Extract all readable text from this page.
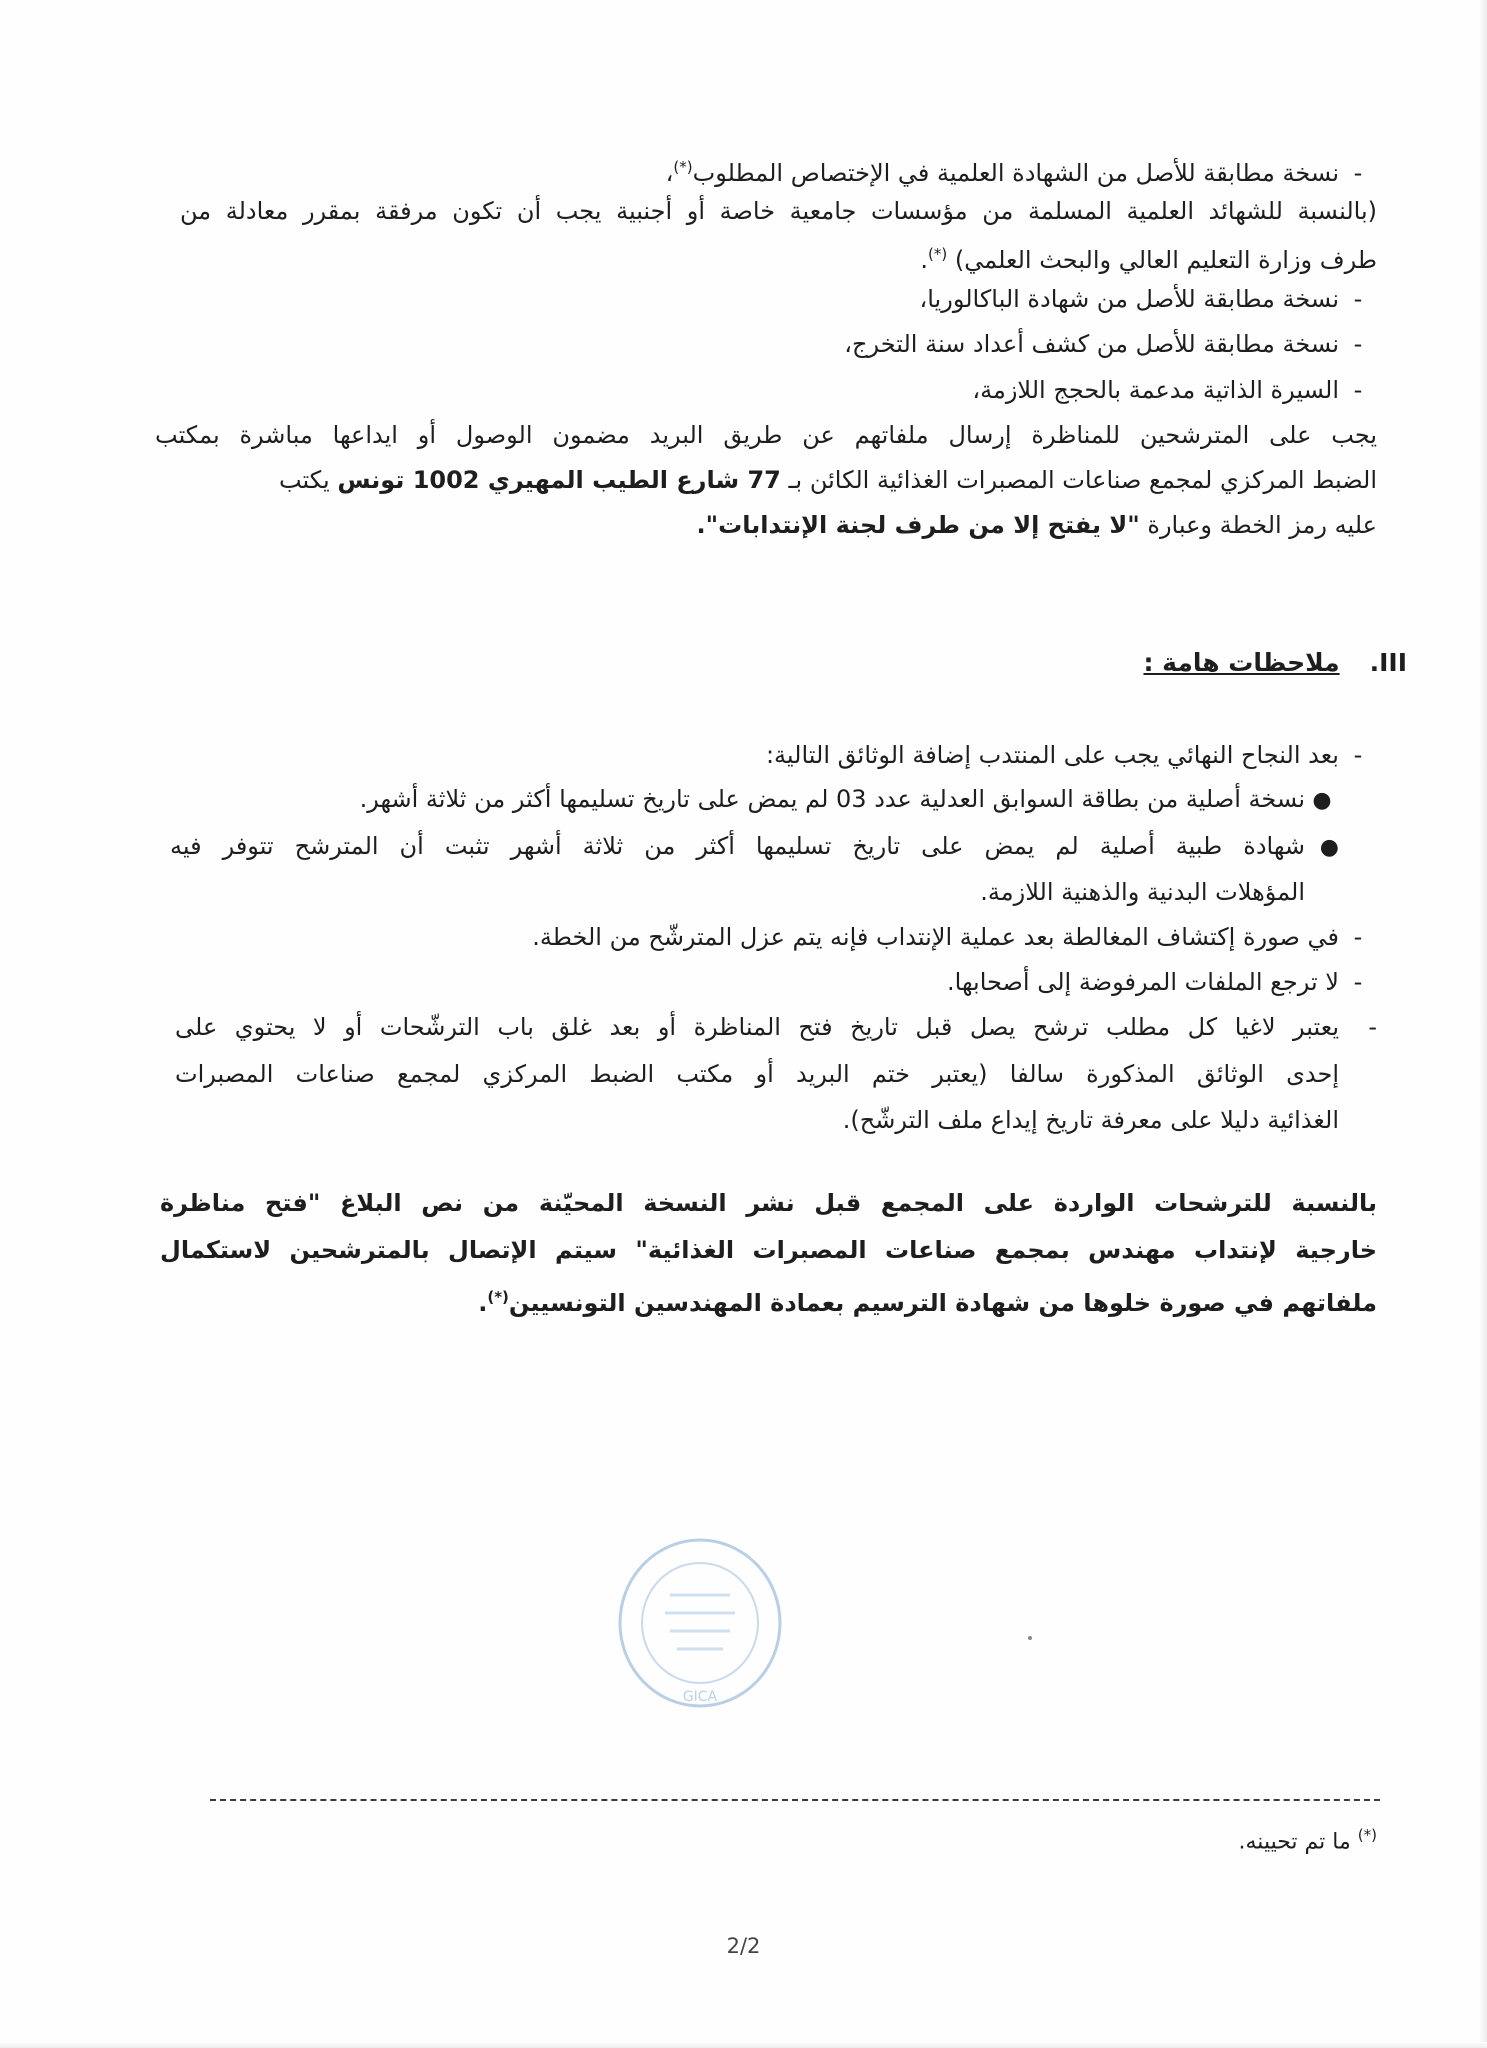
-نسخة مطابقة للأصل من الشهادة العلمية في الإختصاص المطلوب(*)،
(بالنسبة للشهائد العلمية المسلمة من مؤسسات جامعية خاصة أو أجنبية يجب أن تكون مرفقة بمقرر معادلة من
طرف وزارة التعليم العالي والبحث العلمي) (*).
-نسخة مطابقة للأصل من شهادة الباكالوريا،
-نسخة مطابقة للأصل من كشف أعداد سنة التخرج،
-السيرة الذاتية مدعمة بالحجج اللازمة،
يجب على المترشحين للمناظرة إرسال ملفاتهم عن طريق البريد مضمون الوصول أو ايداعها مباشرة بمكتب
الضبط المركزي لمجمع صناعات المصبرات الغذائية الكائن بـ 77 شارع الطيب المهيري 1002 تونس يكتب
عليه رمز الخطة وعبارة "لا يفتح إلا من طرف لجنة الإنتدابات".
III.ملاحظات هامة :
-بعد النجاح النهائي يجب على المنتدب إضافة الوثائق التالية:
●نسخة أصلية من بطاقة السوابق العدلية عدد 03 لم يمض على تاريخ تسليمها أكثر من ثلاثة أشهر.
●شهادة طبية أصلية لم يمض على تاريخ تسليمها أكثر من ثلاثة أشهر تثبت أن المترشح تتوفر فيه
المؤهلات البدنية والذهنية اللازمة.
-في صورة إكتشاف المغالطة بعد عملية الإنتداب فإنه يتم عزل المترشّح من الخطة.
-لا ترجع الملفات المرفوضة إلى أصحابها.
-يعتبر لاغيا كل مطلب ترشح يصل قبل تاريخ فتح المناظرة أو بعد غلق باب الترشّحات أو لا يحتوي على
إحدى الوثائق المذكورة سالفا (يعتبر ختم البريد أو مكتب الضبط المركزي لمجمع صناعات المصبرات
الغذائية دليلا على معرفة تاريخ إيداع ملف الترشّح).
بالنسبة للترشحات الواردة على المجمع قبل نشر النسخة المحيّنة من نص البلاغ "فتح مناظرة
خارجية لإنتداب مهندس بمجمع صناعات المصبرات الغذائية" سيتم الإتصال بالمترشحين لاستكمال
ملفاتهم في صورة خلوها من شهادة الترسيم بعمادة المهندسين التونسيين(*).
GICA
(*) ما تم تحيينه.
2/2
